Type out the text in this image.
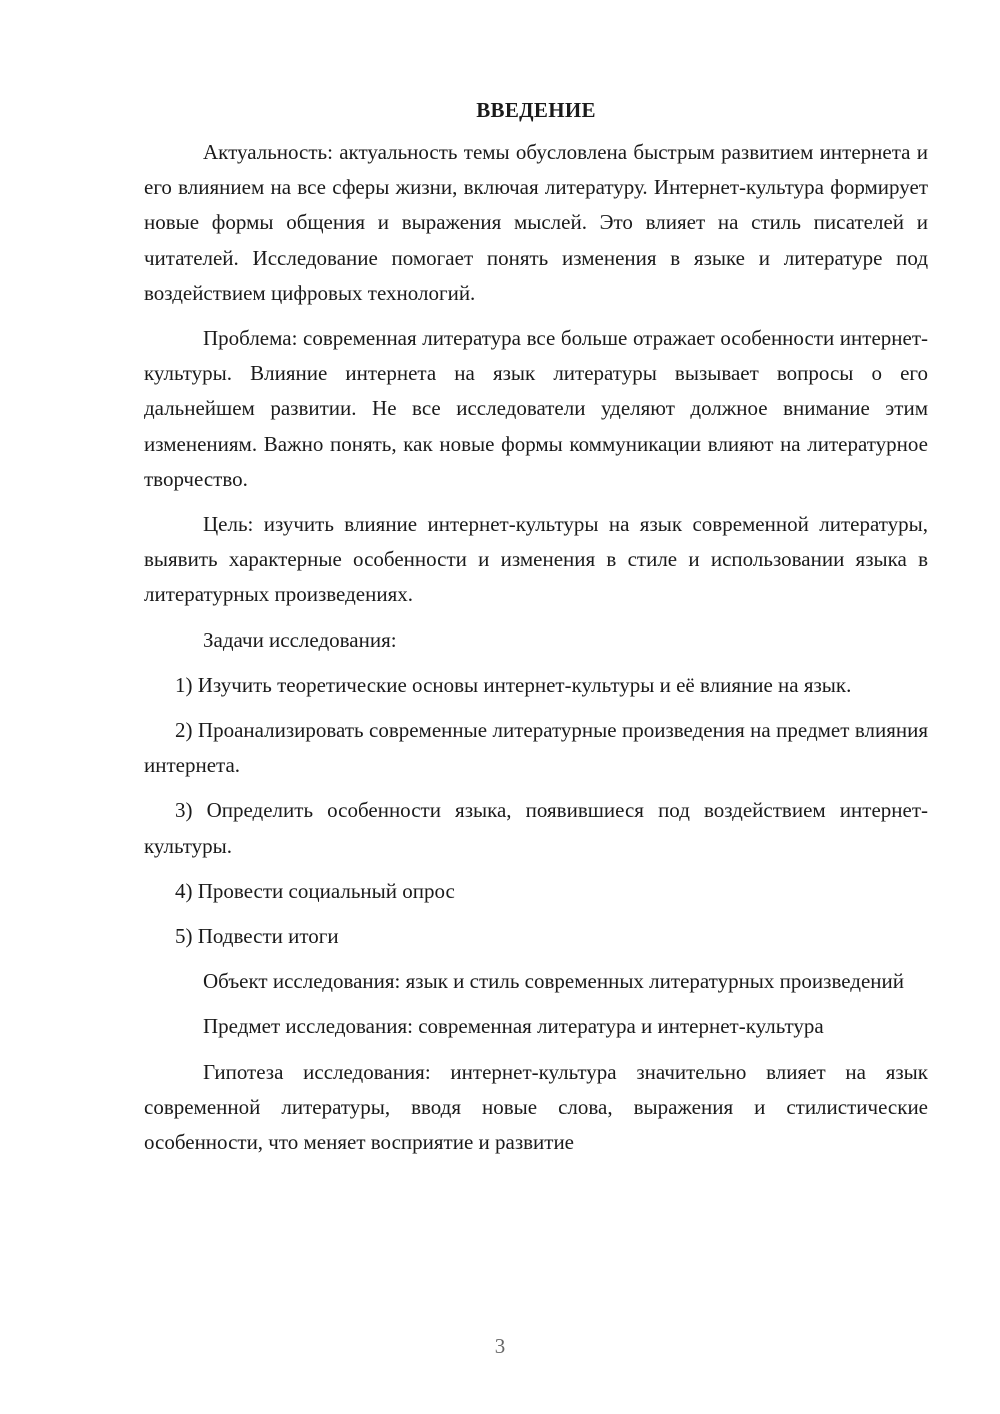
ВВЕДЕНИЕ

Актуальность: актуальность темы обусловлена быстрым развитием интернета и его влиянием на все сферы жизни, включая литературу. Интернет-культура формирует новые формы общения и выражения мыслей. Это влияет на стиль писателей и читателей. Исследование помогает понять изменения в языке и литературе под воздействием цифровых технологий.

Проблема: современная литература все больше отражает особенности интернет-культуры. Влияние интернета на язык литературы вызывает вопросы о его дальнейшем развитии. Не все исследователи уделяют должное внимание этим изменениям. Важно понять, как новые формы коммуникации влияют на литературное творчество.

Цель: изучить влияние интернет-культуры на язык современной литературы, выявить характерные особенности и изменения в стиле и использовании языка в литературных произведениях.

Задачи исследования:

1) Изучить теоретические основы интернет-культуры и её влияние на язык.

2) Проанализировать современные литературные произведения на предмет влияния интернета.

3) Определить особенности языка, появившиеся под воздействием интернет-культуры.

4) Провести социальный опрос

5) Подвести итоги

Объект исследования: язык и стиль современных литературных произведений

Предмет исследования: современная литература и интернет-культура

Гипотеза исследования: интернет-культура значительно влияет на язык современной литературы, вводя новые слова, выражения и стилистические особенности, что меняет восприятие и развитие

3
